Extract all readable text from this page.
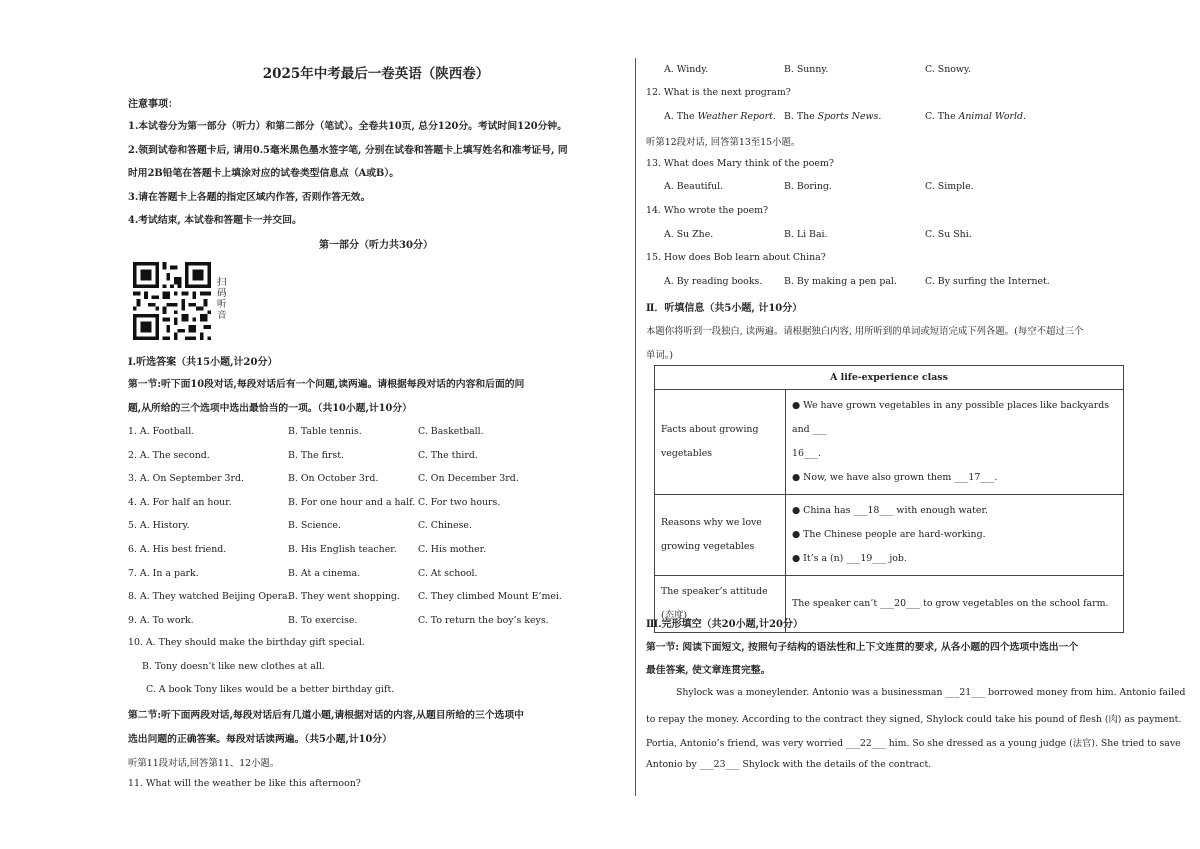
2025年中考最后一卷英语（陕西卷）
注意事项：
1.本试卷分为第一部分（听力）和第二部分（笔试）。全卷共10页, 总分120分。考试时间120分钟。
2.领到试卷和答题卡后, 请用0.5毫米黑色墨水签字笔, 分别在试卷和答题卡上填写姓名和准考证号, 同
时用2B铅笔在答题卡上填涂对应的试卷类型信息点（A或B）。
3.请在答题卡上各题的指定区域内作答, 否则作答无效。
4.考试结束, 本试卷和答题卡一并交回。
第一部分（听力共30分）
扫码听音
I.听选答案（共15小题,计20分）
第一节:听下面10段对话,每段对话后有一个问题,读两遍。请根据每段对话的内容和后面的问
题,从所给的三个选项中选出最恰当的一项。（共10小题,计10分）
1. A. Football.	B. Table tennis.	C. Basketball.
2. A. The second.	B. The first.	C. The third.
3. A. On September 3rd.	B. On October 3rd.	C. On December 3rd.
4. A. For half an hour.	B. For one hour and a half. C. For two hours.
5. A. History.	B. Science.	C. Chinese.
6. A. His best friend.	B. His English teacher. C. His mother.
7. A. In a park.	B. At a cinema.	C. At school.
8. A. They watched Beijing Opera.
B. They went shopping. C. They climbed Mount E’mei.
9. A. To work.	B. To exercise.	C. To return the boy’s keys.
10. A. They should make the birthday gift special.
B. Tony doesn’t like new clothes at all.
C. A book Tony likes would be a better birthday gift.
第二节:听下面两段对话,每段对话后有几道小题,请根据对话的内容,从题目所给的三个选项中
选出问题的正确答案。每段对话读两遍。（共5小题,计10分）
听第11段对话,回答第11、12小题。
11. What will the weather be like this afternoon?
A. Windy.	B. Sunny.	C. Snowy.
12. What is the next program?
A. The Weather Report. B. The Sports News.	C. The Animal World.
听第12段对话, 回答第13至15小题。
13. What does Mary think of the poem?
A. Beautiful.	B. Boring.	C. Simple.
14. Who wrote the poem?
A. Su Zhe.	B. Li Bai.	C. Su Shi.
15. How does Bob learn about China?
A. By reading books. B. By making a pen pal.	C. By surfing the Internet.
Ⅱ．听填信息（共5小题, 计10分）
本题你将听到一段独白, 读两遍。请根据独白内容, 用所听到的单词或短语完成下列各题。(每空不超过三个
单词。)
A life-experience class	
Facts about growing vegetables	● We have grown vegetables in any possible places like backyards and ___
16___.
● Now, we have also grown them ___17___.

Reasons why we love growing vegetables	● China has ___18___ with enough water.
● The Chinese people are hard-working.
● It’s a (n) ___19___ job.

The speaker’s attitude (态度)	The speaker can’t ___20___ to grow vegetables on the school farm.
Ⅲ.完形填空（共20小题,计20分）
第一节: 阅读下面短文, 按照句子结构的语法性和上下文连贯的要求, 从各小题的四个选项中选出一个
最佳答案, 使文章连贯完整。
Shylock was a moneylender. Antonio was a businessman ___21___ borrowed money from him. Antonio failed
to repay the money. According to the contract they signed, Shylock could take his pound of flesh (肉) as payment.
Portia, Antonio’s friend, was very worried ___22___ him. So she dressed as a young judge (法官). She tried to save
Antonio by ___23___ Shylock with the details of the contract.
